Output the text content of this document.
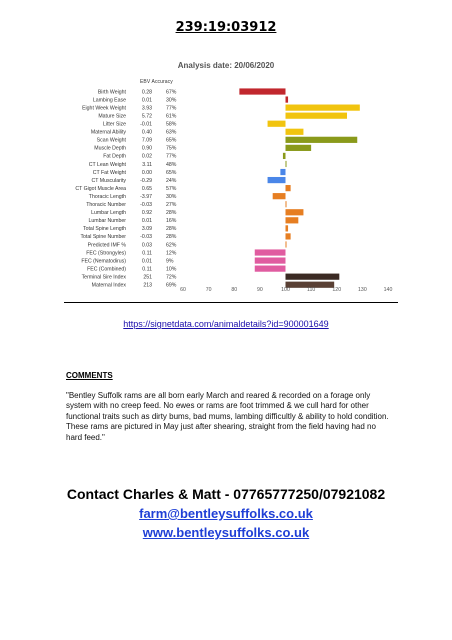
239:19:03912
Analysis date: 20/06/2020
EBV Accuracy
Birth Weight	0.28	67%
Lambing Ease	0.01	30%
Eight Week Weight	3.93	77%
Mature Size	5.72	61%
Litter Size	-0.01	58%
Maternal Ability	0.40	63%
Scan Weight	7.09	65%
Muscle Depth	0.90	75%
Fat Depth	0.02	77%
CT Lean Weight	3.11	48%
CT Fat Weight	0.00	65%
CT Muscularity	-0.29	24%
CT Gigot Muscle Area	0.65	57%
Thoracic Length	-3.97	30%
Thoracic Number	-0.03	27%
Lumbar Length	0.92	28%
Lumbar Number	0.01	16%
Total Spine Length	3.09	28%
Total Spine Number	-0.03	28%
Predicted IMF %	0.03	62%
FEC (Strongyles)	0.11	12%
FEC (Nematodirus)	0.01	9%
FEC (Combined)	0.11	10%
Terminal Sire Index	251	72%
Maternal Index	213	69%
60	70	80	90	100	110	120	130	140
https://signetdata.com/animaldetails?id=900001649
COMMENTS
"Bentley Suffolk rams are all born early March and reared & recorded on a forage only system with no creep feed. No ewes or rams are foot trimmed & we cull hard for other functional traits such as dirty bums, bad mums, lambing difficultly & ability to hold condition. These rams are pictured in May just after shearing, straight from the field having had no hard feed."
Contact Charles & Matt - 07765777250/07921082
farm@bentleysuffolks.co.uk
www.bentleysuffolks.co.uk
